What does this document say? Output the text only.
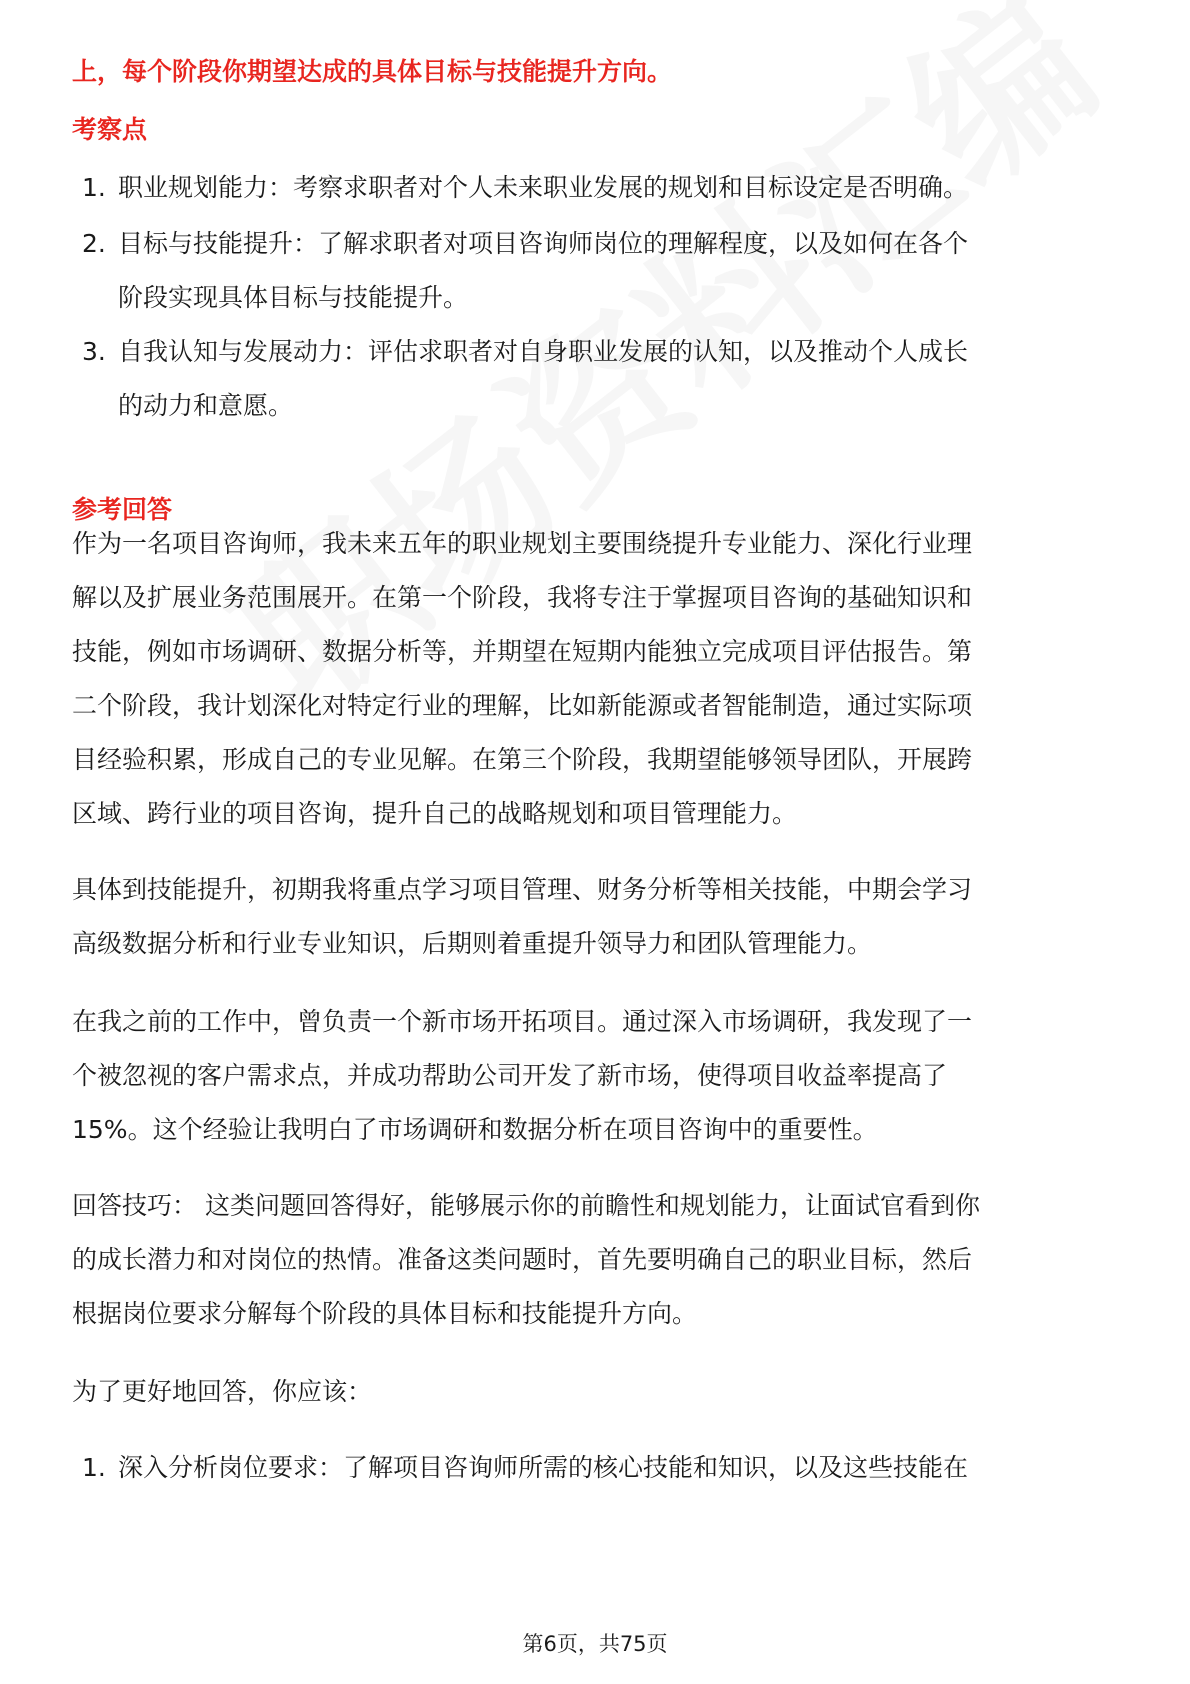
上，每个阶段你期望达成的具体目标与技能提升方向。
考察点
1. 职业规划能力：考察求职者对个人未来职业发展的规划和目标设定是否明确。
2. 目标与技能提升：了解求职者对项目咨询师岗位的理解程度，以及如何在各个
阶段实现具体目标与技能提升。
3. 自我认知与发展动力：评估求职者对自身职业发展的认知，以及推动个人成长
的动力和意愿。
参考回答
作为一名项目咨询师，我未来五年的职业规划主要围绕提升专业能力、深化行业理
解以及扩展业务范围展开。在第一个阶段，我将专注于掌握项目咨询的基础知识和
技能，例如市场调研、数据分析等，并期望在短期内能独立完成项目评估报告。第
二个阶段，我计划深化对特定行业的理解，比如新能源或者智能制造，通过实际项
目经验积累，形成自己的专业见解。在第三个阶段，我期望能够领导团队，开展跨
区域、跨行业的项目咨询，提升自己的战略规划和项目管理能力。
具体到技能提升，初期我将重点学习项目管理、财务分析等相关技能，中期会学习
高级数据分析和行业专业知识，后期则着重提升领导力和团队管理能力。
在我之前的工作中，曾负责一个新市场开拓项目。通过深入市场调研，我发现了一
个被忽视的客户需求点，并成功帮助公司开发了新市场，使得项目收益率提高了
15%。这个经验让我明白了市场调研和数据分析在项目咨询中的重要性。
回答技巧： 这类问题回答得好，能够展示你的前瞻性和规划能力，让面试官看到你
的成长潜力和对岗位的热情。准备这类问题时，首先要明确自己的职业目标，然后
根据岗位要求分解每个阶段的具体目标和技能提升方向。
为了更好地回答，你应该：
1. 深入分析岗位要求：了解项目咨询师所需的核心技能和知识，以及这些技能在
第6页，共75页
